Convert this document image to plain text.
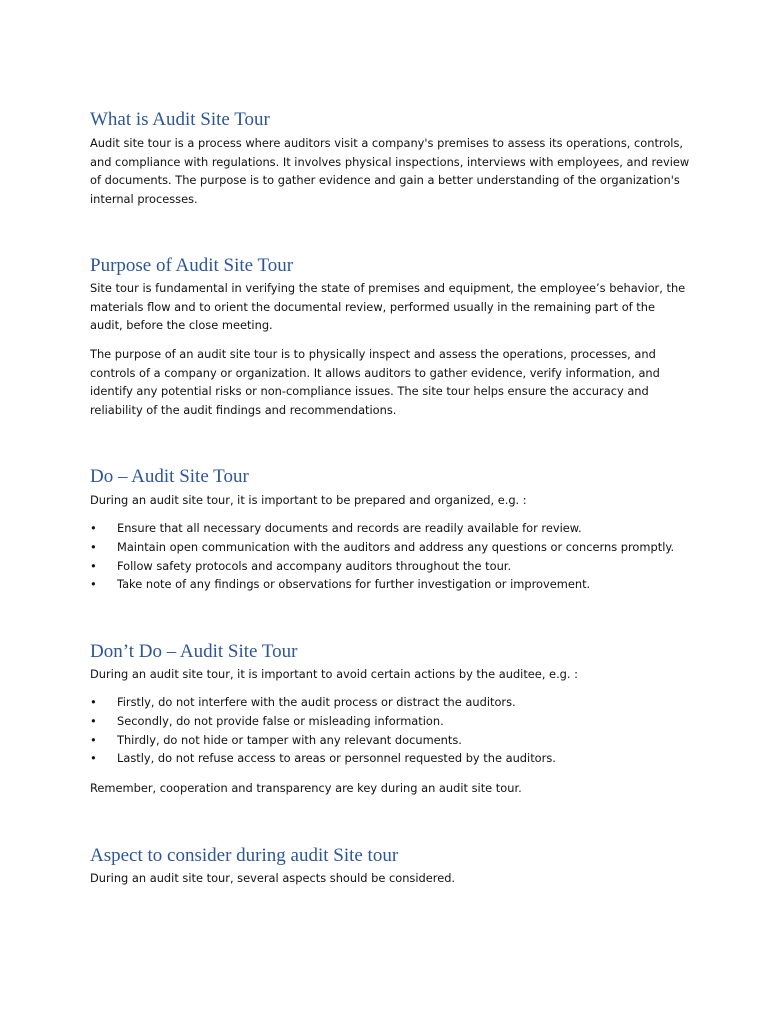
What is Audit Site Tour

Audit site tour is a process where auditors visit a company's premises to assess its operations, controls, and compliance with regulations. It involves physical inspections, interviews with employees, and review of documents. The purpose is to gather evidence and gain a better understanding of the organization's internal processes.

Purpose of Audit Site Tour

Site tour is fundamental in verifying the state of premises and equipment, the employee’s behavior, the materials flow and to orient the documental review, performed usually in the remaining part of the audit, before the close meeting.

The purpose of an audit site tour is to physically inspect and assess the operations, processes, and controls of a company or organization. It allows auditors to gather evidence, verify information, and identify any potential risks or non-compliance issues. The site tour helps ensure the accuracy and reliability of the audit findings and recommendations.

Do – Audit Site Tour

During an audit site tour, it is important to be prepared and organized, e.g. :

• Ensure that all necessary documents and records are readily available for review.
• Maintain open communication with the auditors and address any questions or concerns promptly.
• Follow safety protocols and accompany auditors throughout the tour.
• Take note of any findings or observations for further investigation or improvement.
Don’t Do – Audit Site Tour

During an audit site tour, it is important to avoid certain actions by the auditee, e.g. :

• Firstly, do not interfere with the audit process or distract the auditors.
• Secondly, do not provide false or misleading information.
• Thirdly, do not hide or tamper with any relevant documents.
• Lastly, do not refuse access to areas or personnel requested by the auditors.

Remember, cooperation and transparency are key during an audit site tour.

Aspect to consider during audit Site tour

During an audit site tour, several aspects should be considered.
